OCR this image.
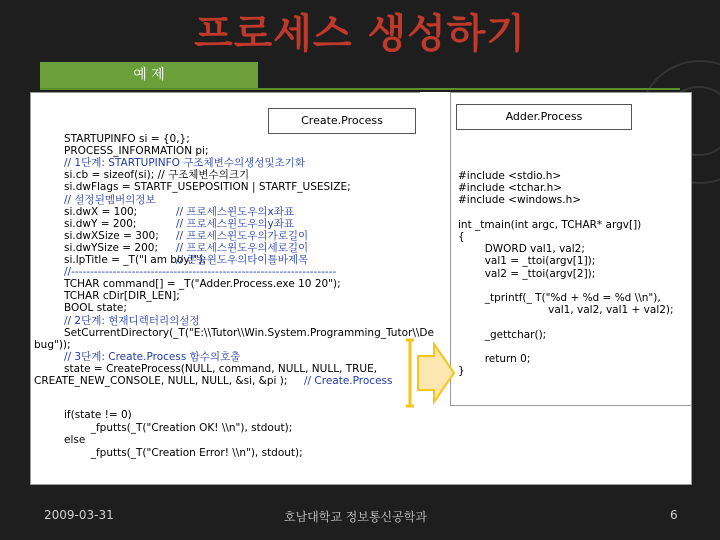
프로세스 생성하기
예 제
Create.Process	Adder.Process
STARTUPINFO si = {0,};
PROCESS_INFORMATION pi;
// 1단계: STARTUPINFO 구조체변수의생성및초기화
si.cb = sizeof(si); // 구조체변수의크기
si.dwFlags = STARTF_USEPOSITION | STARTF_USESIZE;
// 설정된멤버의정보
si.dwX = 100;	// 프로세스윈도우의x좌표
si.dwY = 200;	// 프로세스윈도우의y좌표
si.dwXSize = 300; // 프로세스윈도우의가로길이
si.dwYSize = 200; // 프로세스윈도우의세로길이
si.lpTitle = _T("I am boy!");
// 콘솔윈도우의타이틀바제목
//----------------------------------------------------------------------
TCHAR command[] = _T("Adder.Process.exe 10 20");
TCHAR cDir[DIR_LEN];
BOOL state;
// 2단계: 현재디렉터리의설정
SetCurrentDirectory(_T("E:\\Tutor\\Win.System.Programming_Tutor\\De
bug"));
// 3단계: Create.Process 함수의호출
state = CreateProcess(NULL, command, NULL, NULL, TRUE,
CREATE_NEW_CONSOLE, NULL, NULL, &si, &pi ); // Create.Process
if(state != 0)
_fputts(_T("Creation OK! \\n"), stdout);
else
_fputts(_T("Creation Error! \\n"), stdout);
#include <stdio.h>
#include <tchar.h>
#include <windows.h>
int _tmain(int argc, TCHAR* argv[])
{
DWORD val1, val2;
val1 = _ttoi(argv[1]);
val2 = _ttoi(argv[2]);
_tprintf(_ T("%d + %d = %d \\n"),
val1, val2, val1 + val2);
_gettchar();
return 0;
}
2009-03-31	호남대학교 정보통신공학과	6
